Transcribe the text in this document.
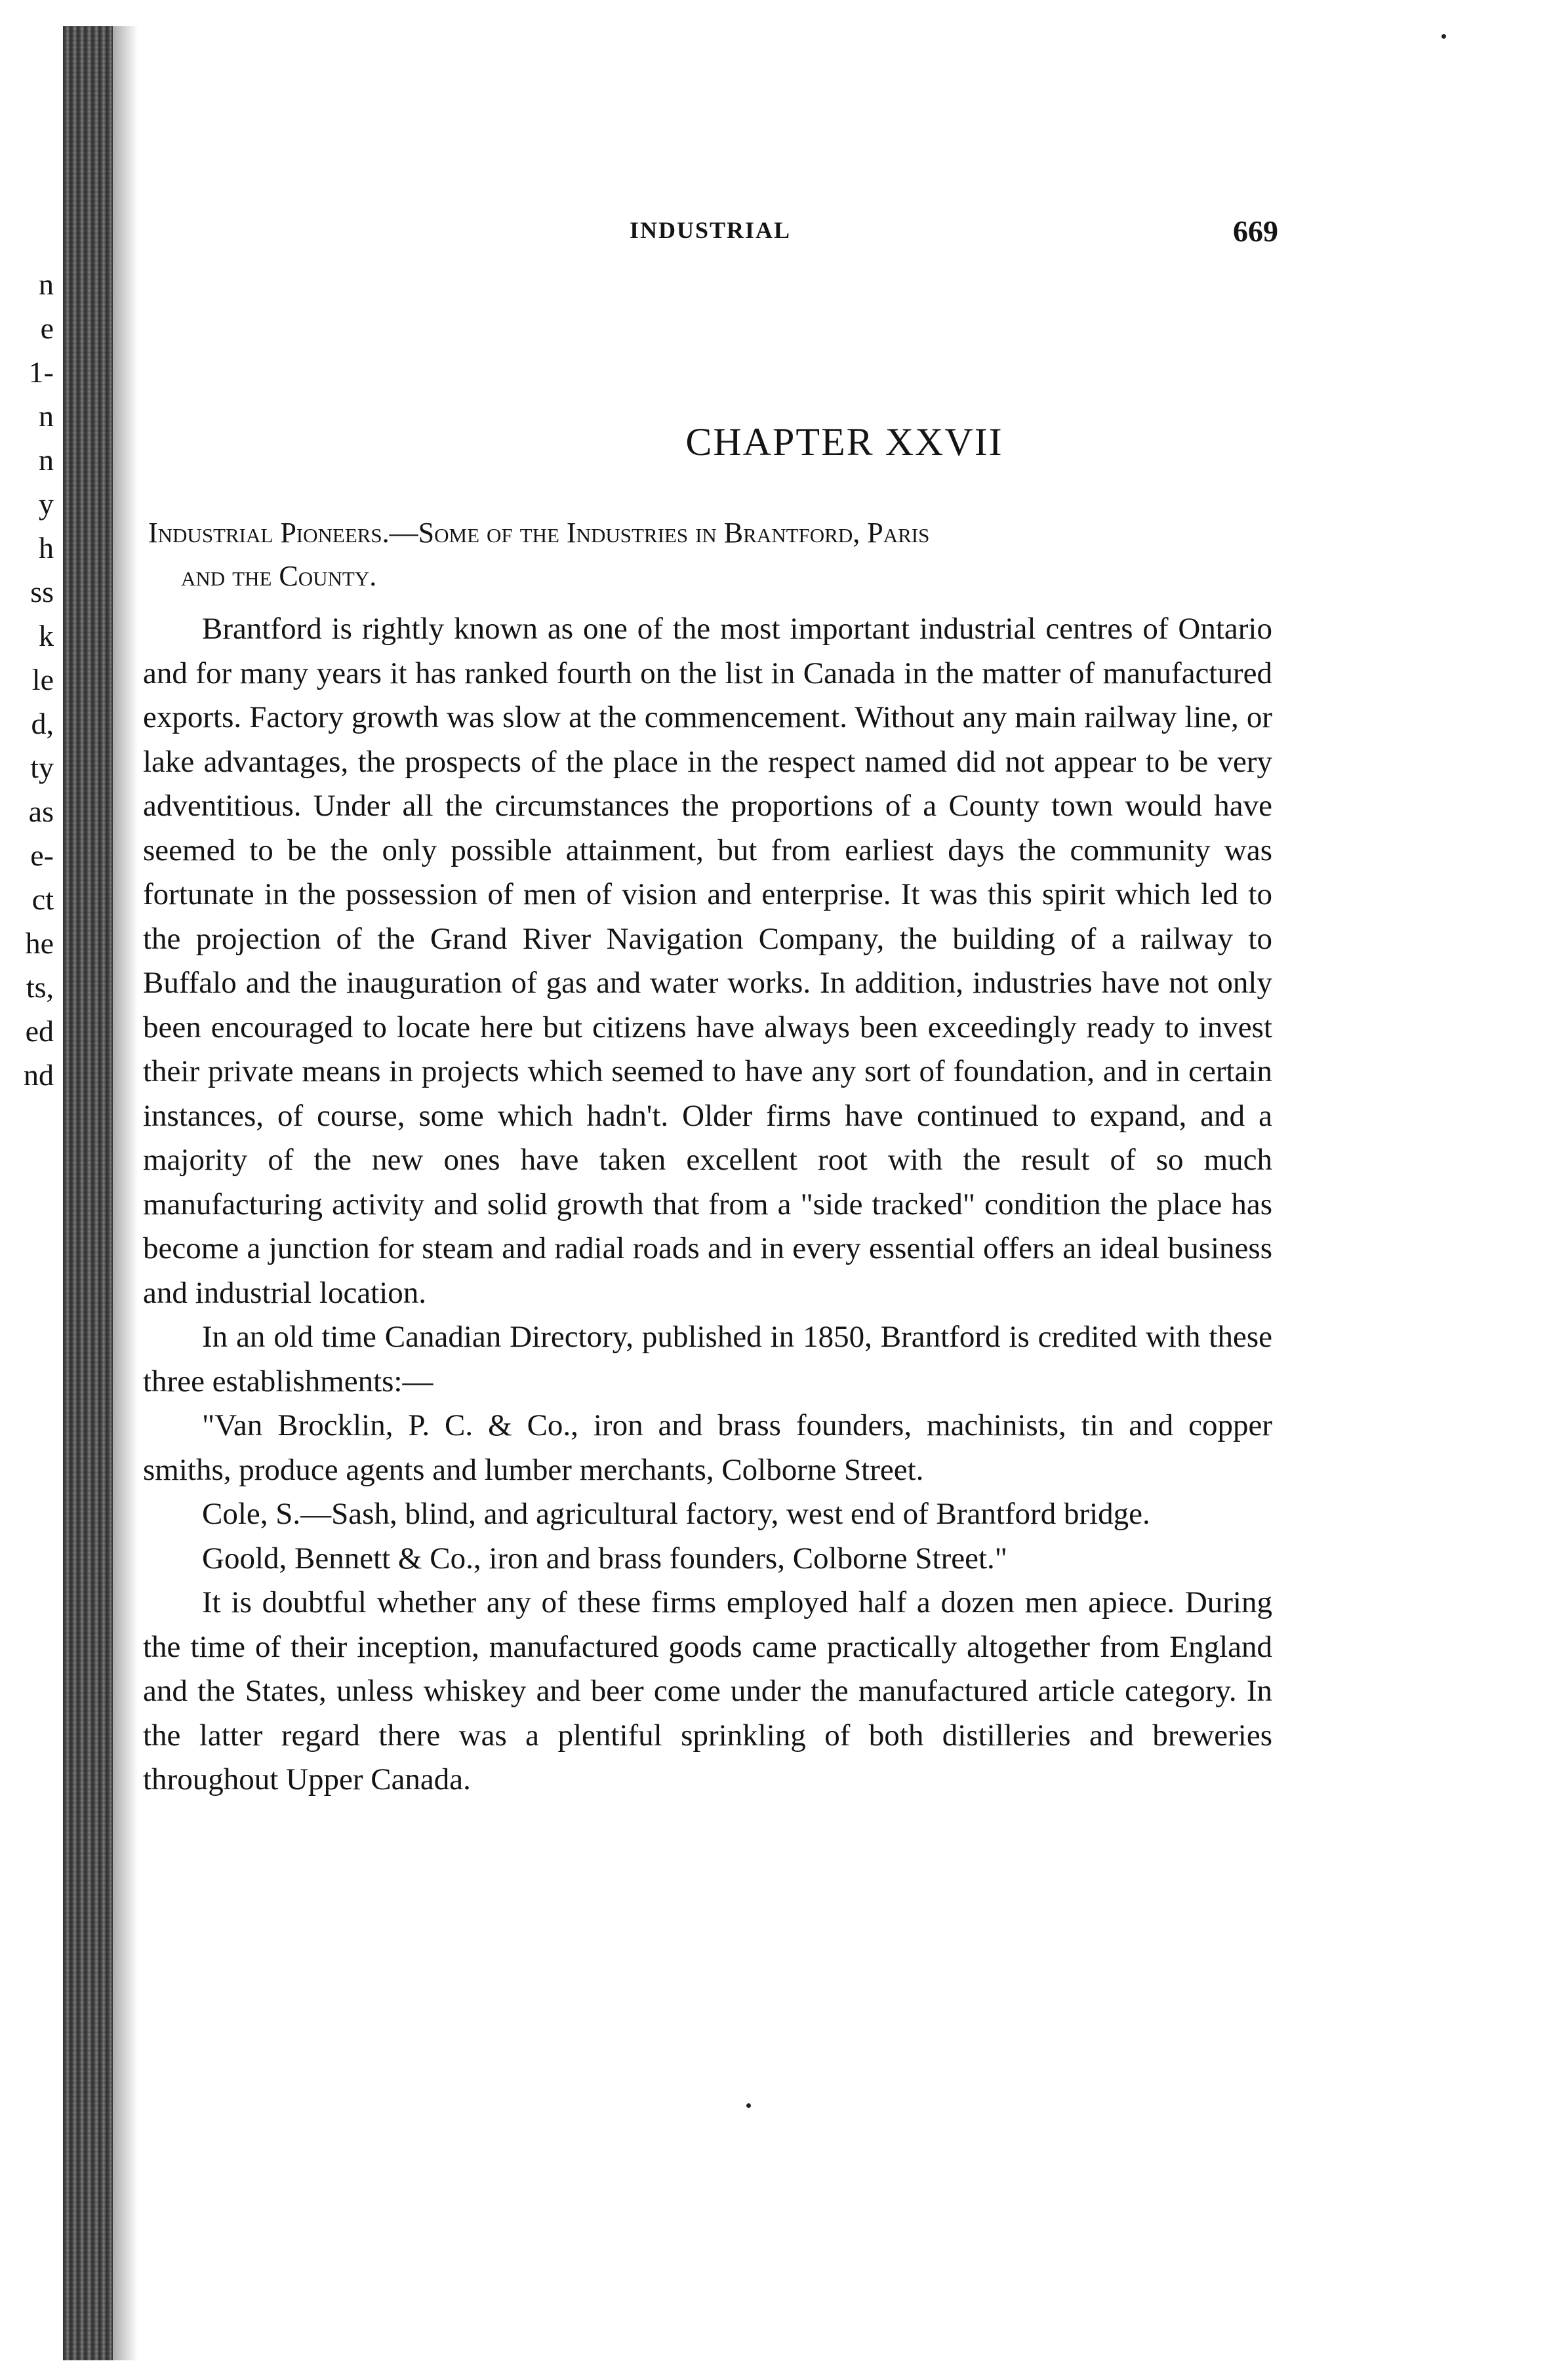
n
e
1-
n
n
y
h
ss
k
le
d,
ty
as
e-
ct
he
ts,
ed
nd
INDUSTRIAL	669
CHAPTER XXVII
Industrial Pioneers.—Some of the Industries in Brantford, Paris
and the County.

Brantford is rightly known as one of the most important industrial centres of Ontario and for many years it has ranked fourth on the list in Canada in the matter of manufactured exports. Factory growth was slow at the commencement. Without any main railway line, or lake advantages, the prospects of the place in the respect named did not appear to be very adventitious. Under all the circumstances the proportions of a County town would have seemed to be the only possible attainment, but from earliest days the community was fortunate in the possession of men of vision and enterprise. It was this spirit which led to the projection of the Grand River Navigation Company, the building of a railway to Buffalo and the inauguration of gas and water works. In addition, industries have not only been encouraged to locate here but citizens have always been exceedingly ready to invest their private means in projects which seemed to have any sort of foundation, and in certain instances, of course, some which hadn't. Older firms have continued to expand, and a majority of the new ones have taken excellent root with the result of so much manufacturing activity and solid growth that from a "side tracked" condition the place has become a junction for steam and radial roads and in every essential offers an ideal business and industrial location.

In an old time Canadian Directory, published in 1850, Brantford is credited with these three establishments:—

"Van Brocklin, P. C. & Co., iron and brass founders, machinists, tin and copper smiths, produce agents and lumber merchants, Colborne Street.

Cole, S.—Sash, blind, and agricultural factory, west end of Brantford bridge.

Goold, Bennett & Co., iron and brass founders, Colborne Street."

It is doubtful whether any of these firms employed half a dozen men apiece. During the time of their inception, manufactured goods came practically altogether from England and the States, unless whiskey and beer come under the manufactured article category. In the latter regard there was a plentiful sprinkling of both distilleries and breweries throughout Upper Canada.
